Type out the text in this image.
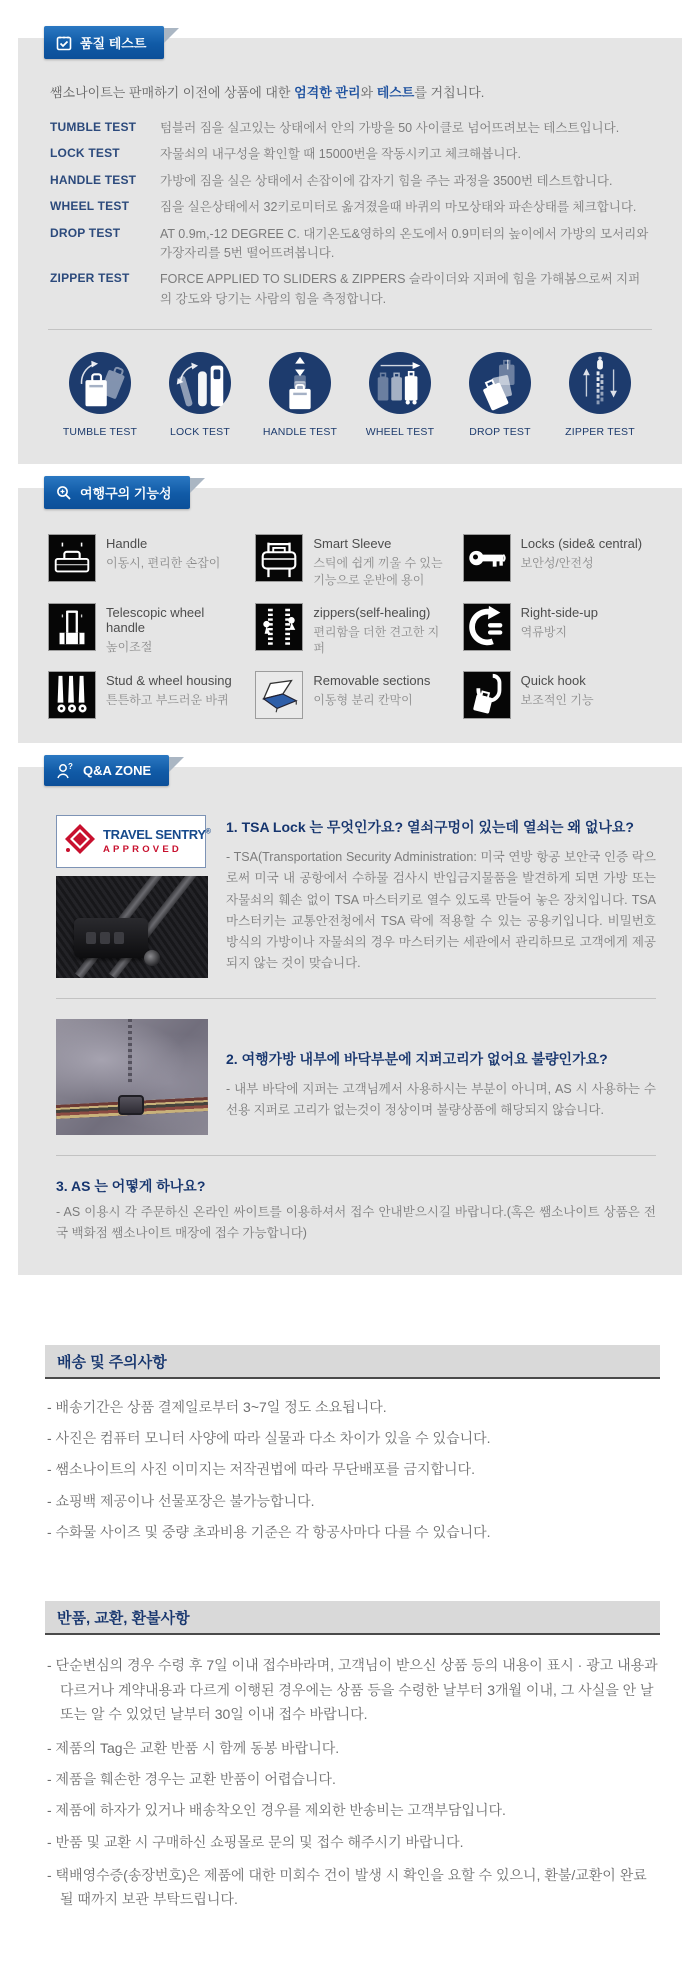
품질 테스트

쌤소나이트는 판매하기 이전에 상품에 대한 엄격한 관리와 테스트를 거칩니다.

TUMBLE TEST	텀블러 짐을 실고있는 상태에서 안의 가방을 50 사이클로 넘어뜨려보는 테스트입니다.
LOCK TEST	자물쇠의 내구성을 확인할 때 15000번을 작동시키고 체크해봅니다.
HANDLE TEST	가방에 짐을 실은 상태에서 손잡이에 갑자기 힘을 주는 과정을 3500번 테스트합니다.
WHEEL TEST	짐을 실은상태에서 32키로미터로 옮겨졌을때 바퀴의 마모상태와 파손상태를 체크합니다.
DROP TEST	AT 0.9m,-12 DEGREE C. 대기온도&영하의 온도에서 0.9미터의 높이에서 가방의 모서리와 가장자리를 5번 떨어뜨려봅니다.
ZIPPER TEST	FORCE APPLIED TO SLIDERS & ZIPPERS 슬라이더와 지퍼에 힘을 가해봄으로써 지퍼의 강도와 당기는 사람의 힘을 측정합니다.
TUMBLE TEST	LOCK TEST	HANDLE TEST	WHEEL TEST	DROP TEST	ZIPPER TEST
여행구의 기능성
Handle
이동시, 편리한 손잡이
Smart Sleeve
스틱에 쉽게 끼울 수 있는 기능으로 운반에 용이
Locks (side& central)
보안성/안전성
Telescopic wheel handle
높이조절
zippers(self-healing)
편리함을 더한 견고한 지퍼
Right-side-up
역류방지
Stud & wheel housing
튼튼하고 부드러운 바퀴
Removable sections
이동형 분리 칸막이
Quick hook
보조적인 기능
? Q&A ZONE
TRAVEL SENTRY®
APPROVED

1. TSA Lock 는 무엇인가요? 열쇠구멍이 있는데 열쇠는 왜 없나요?

- TSA(Transportation Security Administration: 미국 연방 항공 보안국 인증 락으로써 미국 내 공항에서 수하물 검사시 반입금지물품을 발견하게 되면 가방 또는 자물쇠의 훼손 없이 TSA 마스터키로 열수 있도록 만들어 놓은 장치입니다. TSA 마스터키는 교통안전청에서 TSA 락에 적용할 수 있는 공용키입니다. 비밀번호 방식의 가방이나 자물쇠의 경우 마스터키는 세관에서 관리하므로 고객에게 제공되지 않는 것이 맞습니다.

2. 여행가방 내부에 바닥부분에 지퍼고리가 없어요 불량인가요?

- 내부 바닥에 지퍼는 고객님께서 사용하시는 부분이 아니며, AS 시 사용하는 수선용 지퍼로 고리가 없는것이 정상이며 불량상품에 해당되지 않습니다.

3. AS 는 어떻게 하나요?

- AS 이용시 각 주문하신 온라인 싸이트를 이용하셔서 접수 안내받으시길 바랍니다.(혹은 쌤소나이트 상품은 전국 백화점 쌤소나이트 매장에 접수 가능합니다)

배송 및 주의사항
- 배송기간은 상품 결제일로부터 3~7일 정도 소요됩니다.
- 사진은 컴퓨터 모니터 사양에 따라 실물과 다소 차이가 있을 수 있습니다.
- 쌤소나이트의 사진 이미지는 저작권법에 따라 무단배포를 금지합니다.
- 쇼핑백 제공이나 선물포장은 불가능합니다.
- 수화물 사이즈 및 중량 초과비용 기준은 각 항공사마다 다를 수 있습니다.
반품, 교환, 환불사항
- 단순변심의 경우 수령 후 7일 이내 접수바라며, 고객님이 받으신 상품 등의 내용이 표시 · 광고 내용과 다르거나 계약내용과 다르게 이행된 경우에는 상품 등을 수령한 날부터 3개월 이내, 그 사실을 안 날 또는 알 수 있었던 날부터 30일 이내 접수 바랍니다.
- 제품의 Tag은 교환 반품 시 함께 동봉 바랍니다.
- 제품을 훼손한 경우는 교환 반품이 어렵습니다.
- 제품에 하자가 있거나 배송착오인 경우를 제외한 반송비는 고객부담입니다.
- 반품 및 교환 시 구매하신 쇼핑몰로 문의 및 접수 해주시기 바랍니다.
- 택배영수증(송장번호)은 제품에 대한 미회수 건이 발생 시 확인을 요할 수 있으니, 환불/교환이 완료될 때까지 보관 부탁드립니다.
